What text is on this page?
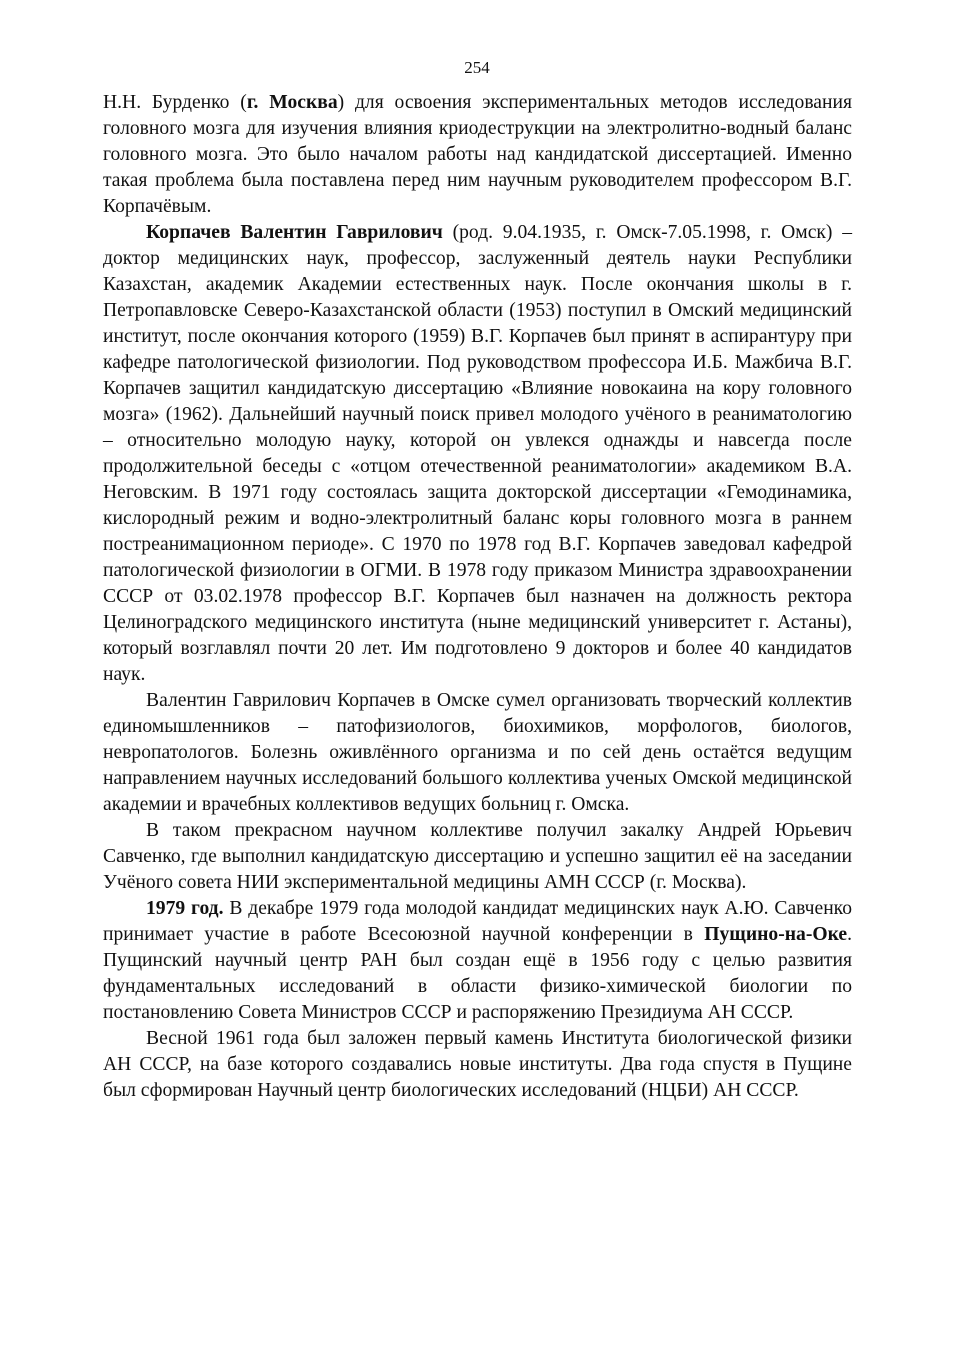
254

Н.Н. Бурденко (г. Москва) для освоения экспериментальных методов исследования головного мозга для изучения влияния криодеструкции на электролитно-водный баланс головного мозга. Это было началом работы над кандидатской диссертацией. Именно такая проблема была поставлена перед ним научным руководителем профессором В.Г. Корпачёвым.

Корпачев Валентин Гаврилович (род. 9.04.1935, г. Омск-7.05.1998, г. Омск) – доктор медицинских наук, профессор, заслуженный деятель науки Республики Казахстан, академик Академии естественных наук. После окончания школы в г. Петропавловске Северо-Казахстанской области (1953) поступил в Омский медицинский институт, после окончания которого (1959) В.Г. Корпачев был принят в аспирантуру при кафедре патологической физиологии. Под руководством профессора И.Б. Мажбича В.Г. Корпачев защитил кандидатскую диссертацию «Влияние новокаина на кору головного мозга» (1962). Дальнейший научный поиск привел молодого учёного в реаниматологию – относительно молодую науку, которой он увлекся однажды и навсегда после продолжительной беседы с «отцом отечественной реаниматологии» академиком В.А. Неговским. В 1971 году состоялась защита докторской диссертации «Гемодинамика, кислородный режим и водно-электролитный баланс коры головного мозга в раннем постреанимационном периоде». С 1970 по 1978 год В.Г. Корпачев заведовал кафедрой патологической физиологии в ОГМИ. В 1978 году приказом Министра здравоохранении СССР от 03.02.1978 профессор В.Г. Корпачев был назначен на должность ректора Целиноградского медицинского института (ныне медицинский университет г. Астаны), который возглавлял почти 20 лет. Им подготовлено 9 докторов и более 40 кандидатов наук.

Валентин Гаврилович Корпачев в Омске сумел организовать творческий коллектив единомышленников – патофизиологов, биохимиков, морфологов, биологов, невропатологов. Болезнь оживлённого организма и по сей день остаётся ведущим направлением научных исследований большого коллектива ученых Омской медицинской академии и врачебных коллективов ведущих больниц г. Омска.

В таком прекрасном научном коллективе получил закалку Андрей Юрьевич Савченко, где выполнил кандидатскую диссертацию и успешно защитил её на заседании Учёного совета НИИ экспериментальной медицины АМН СССР (г. Москва).

1979 год. В декабре 1979 года молодой кандидат медицинских наук А.Ю. Савченко принимает участие в работе Всесоюзной научной конференции в Пущино-на-Оке. Пущинский научный центр РАН был создан ещё в 1956 году с целью развития фундаментальных исследований в области физико-химической биологии по постановлению Совета Министров СССР и распоряжению Президиума АН СССР.

Весной 1961 года был заложен первый камень Института биологической физики АН СССР, на базе которого создавались новые институты. Два года спустя в Пущине был сформирован Научный центр биологических исследований (НЦБИ) АН СССР.
